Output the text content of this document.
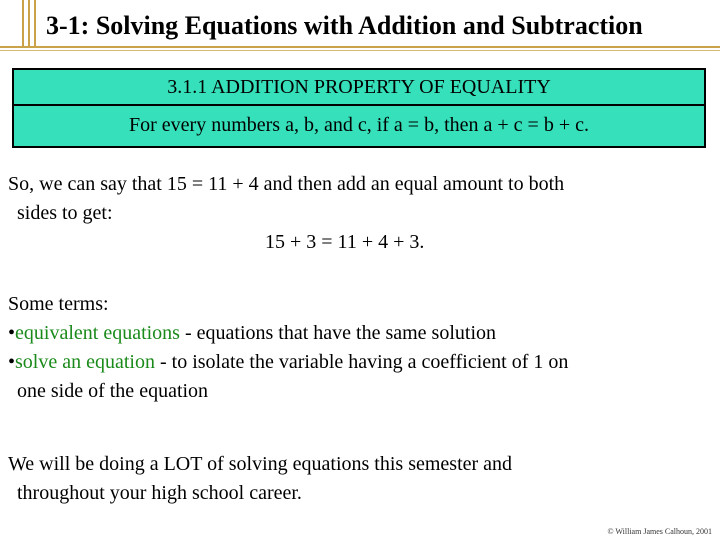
3-1: Solving Equations with Addition and Subtraction
3.1.1 ADDITION PROPERTY OF EQUALITY
For every numbers a, b, and c, if a = b, then a + c = b + c.
So, we can say that 15 = 11 + 4 and then add an equal amount to both
sides to get:
15 + 3 = 11 + 4 + 3.
Some terms:
•equivalent equations - equations that have the same solution
•solve an equation - to isolate the variable having a coefficient of 1 on
one side of the equation
We will be doing a LOT of solving equations this semester and
throughout your high school career.
© William James Calhoun, 2001
